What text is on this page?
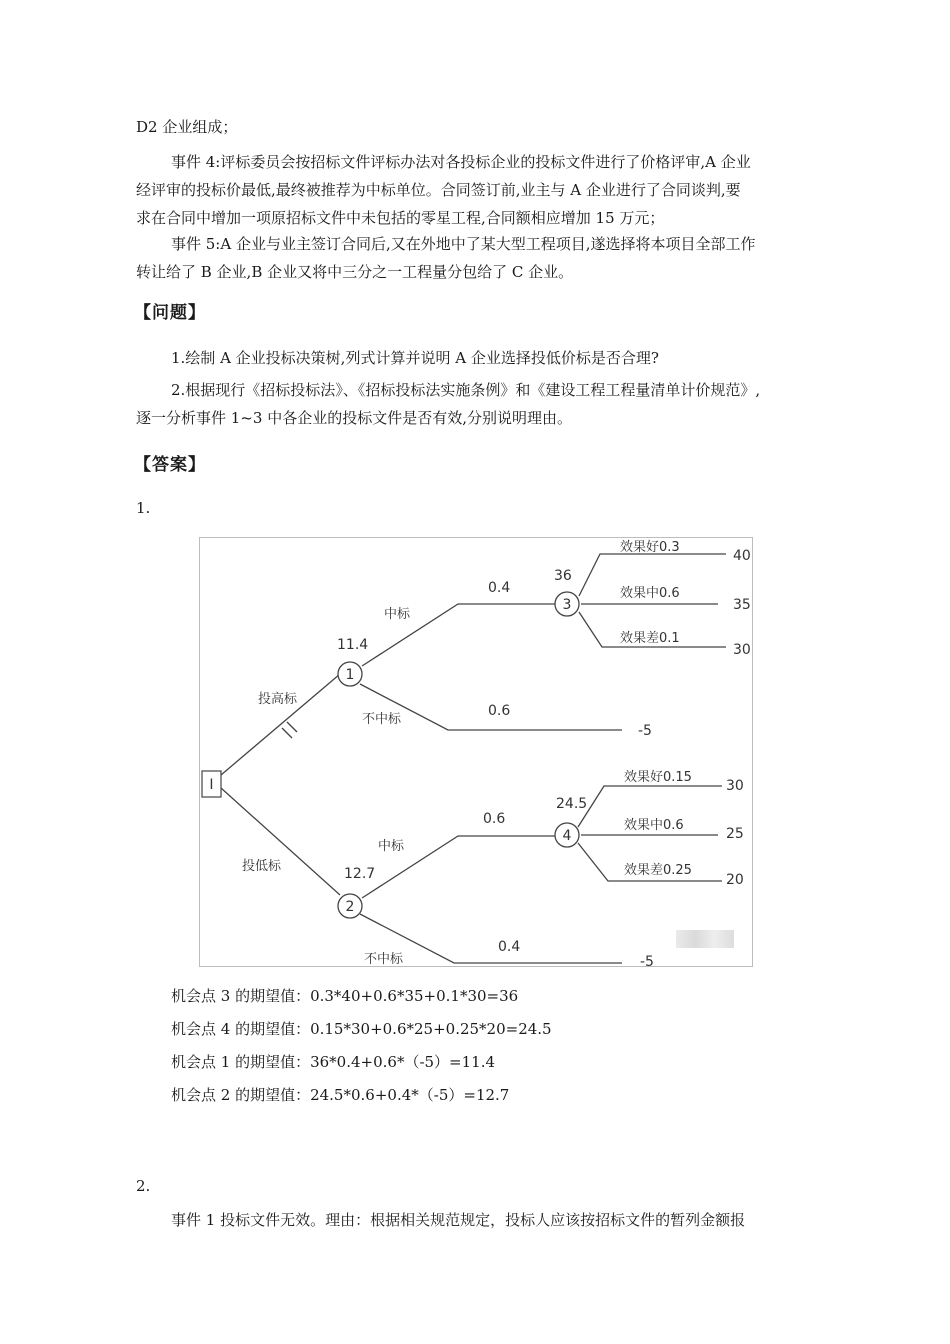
D2 企业组成；
事件 4:评标委员会按招标文件评标办法对各投标企业的投标文件进行了价格评审,A 企业
经评审的投标价最低,最终被推荐为中标单位。合同签订前,业主与 A 企业进行了合同谈判,要
求在合同中增加一项原招标文件中未包括的零星工程,合同额相应增加 15 万元；
事件 5:A 企业与业主签订合同后,又在外地中了某大型工程项目,遂选择将本项目全部工作
转让给了 B 企业,B 企业又将中三分之一工程量分包给了 C 企业。
【问题】
1.绘制 A 企业投标决策树,列式计算并说明 A 企业选择投低价标是否合理?
2.根据现行《招标投标法》、《招标投标法实施条例》和《建设工程工程量清单计价规范》,
逐一分析事件 1~3 中各企业的投标文件是否有效,分别说明理由。
【答案】
1.
I
1
2
3
4
11.4
12.7
36
24.5
投高标
投低标
中标
不中标
中标
不中标
0.4
0.6
0.6
0.4
效果好0.3
效果中0.6
效果差0.1
40
35
30
效果好0.15
效果中0.6
效果差0.25
30
25
20
-5
-5
机会点 3 的期望值：0.3*40+0.6*35+0.1*30=36
机会点 4 的期望值：0.15*30+0.6*25+0.25*20=24.5
机会点 1 的期望值：36*0.4+0.6*（-5）=11.4
机会点 2 的期望值：24.5*0.6+0.4*（-5）=12.7
2.
事件 1 投标文件无效。理由：根据相关规范规定，投标人应该按招标文件的暂列金额报
